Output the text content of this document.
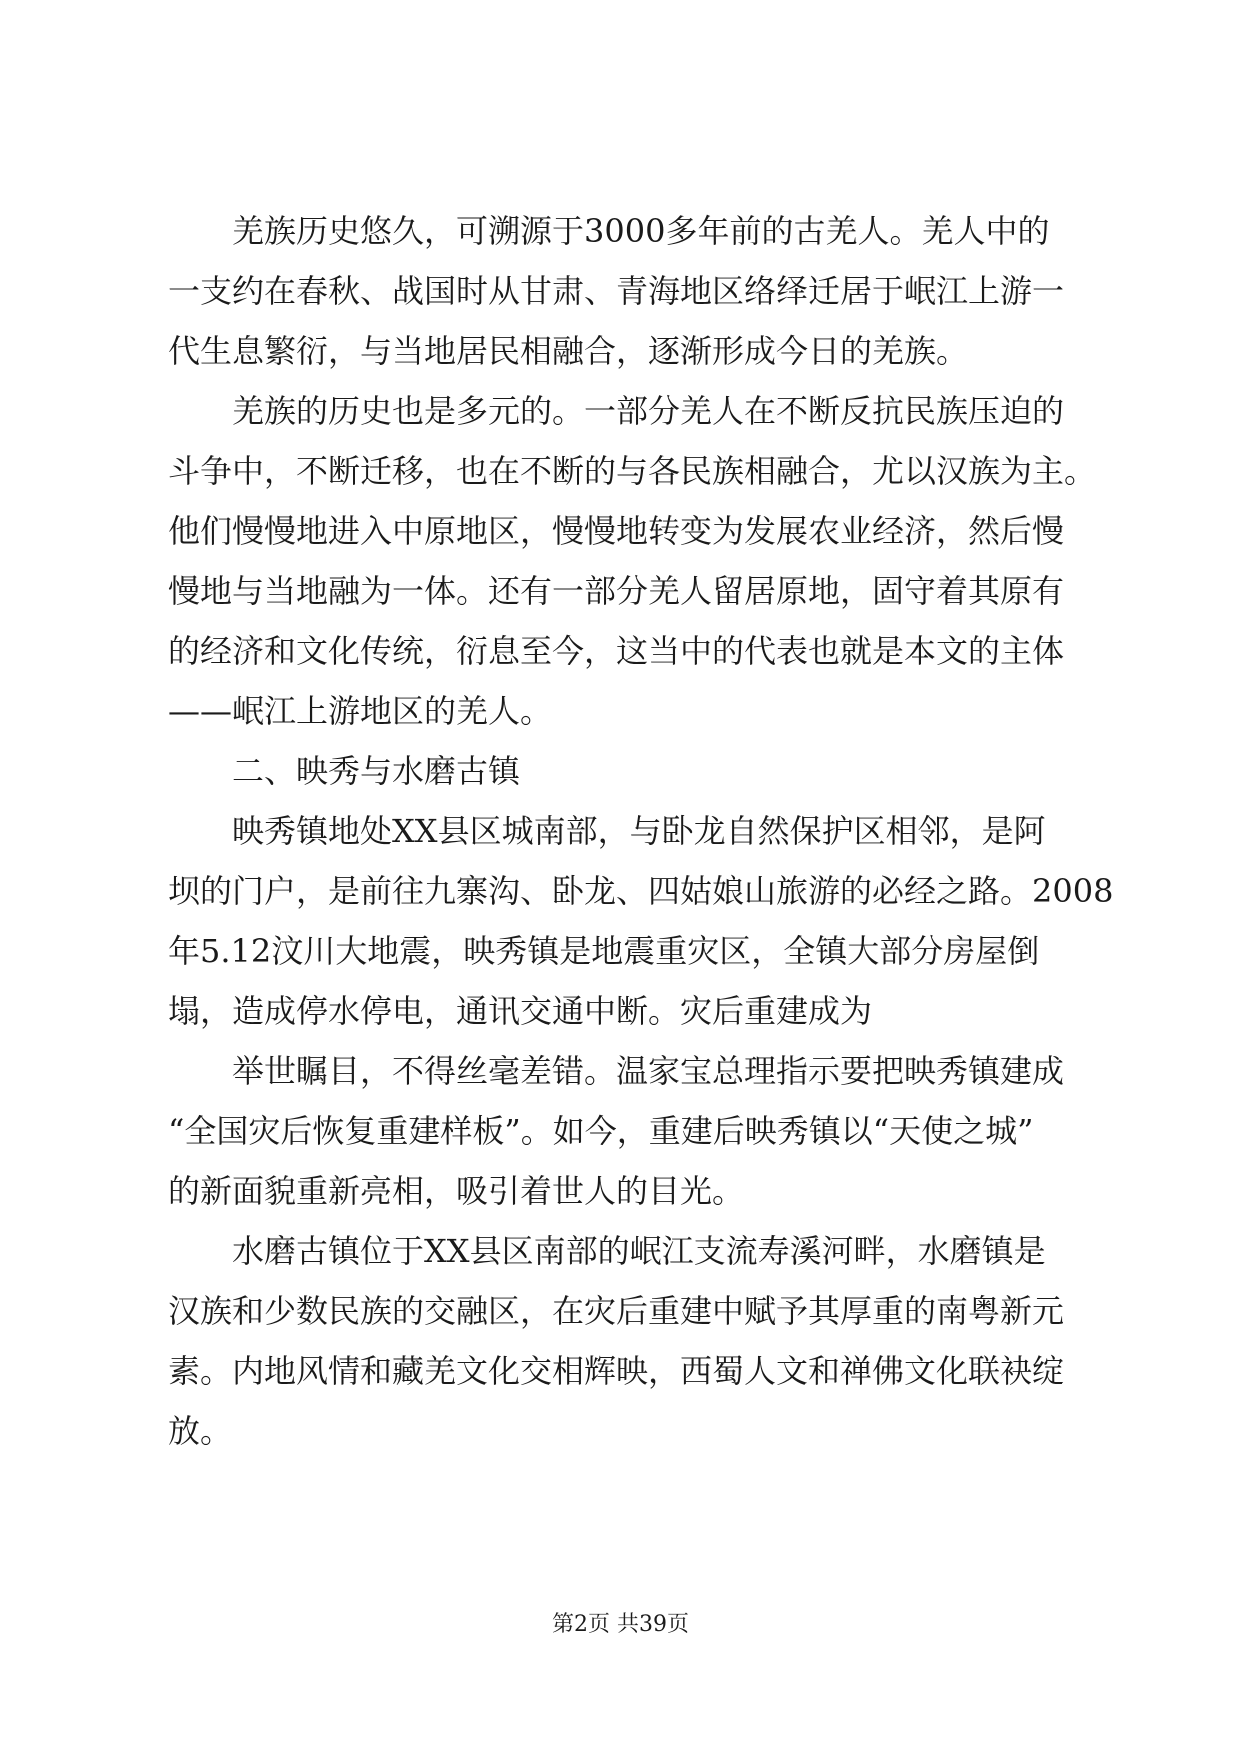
羌族历史悠久，可溯源于3000多年前的古羌人。羌人中的
一支约在春秋、战国时从甘肃、青海地区络绎迁居于岷江上游一
代生息繁衍，与当地居民相融合，逐渐形成今日的羌族。
羌族的历史也是多元的。一部分羌人在不断反抗民族压迫的
斗争中，不断迁移，也在不断的与各民族相融合，尤以汉族为主。
他们慢慢地进入中原地区，慢慢地转变为发展农业经济，然后慢
慢地与当地融为一体。还有一部分羌人留居原地，固守着其原有
的经济和文化传统，衍息至今，这当中的代表也就是本文的主体
——岷江上游地区的羌人。
二、映秀与水磨古镇
映秀镇地处XX县区城南部，与卧龙自然保护区相邻，是阿
坝的门户，是前往九寨沟、卧龙、四姑娘山旅游的必经之路。2008
年5.12汶川大地震，映秀镇是地震重灾区，全镇大部分房屋倒
塌，造成停水停电，通讯交通中断。灾后重建成为
举世瞩目，不得丝毫差错。温家宝总理指示要把映秀镇建成
“全国灾后恢复重建样板”。如今，重建后映秀镇以“天使之城”
的新面貌重新亮相，吸引着世人的目光。
水磨古镇位于XX县区南部的岷江支流寿溪河畔，水磨镇是
汉族和少数民族的交融区，在灾后重建中赋予其厚重的南粤新元
素。内地风情和藏羌文化交相辉映，西蜀人文和禅佛文化联袂绽
放。
第2页 共39页
